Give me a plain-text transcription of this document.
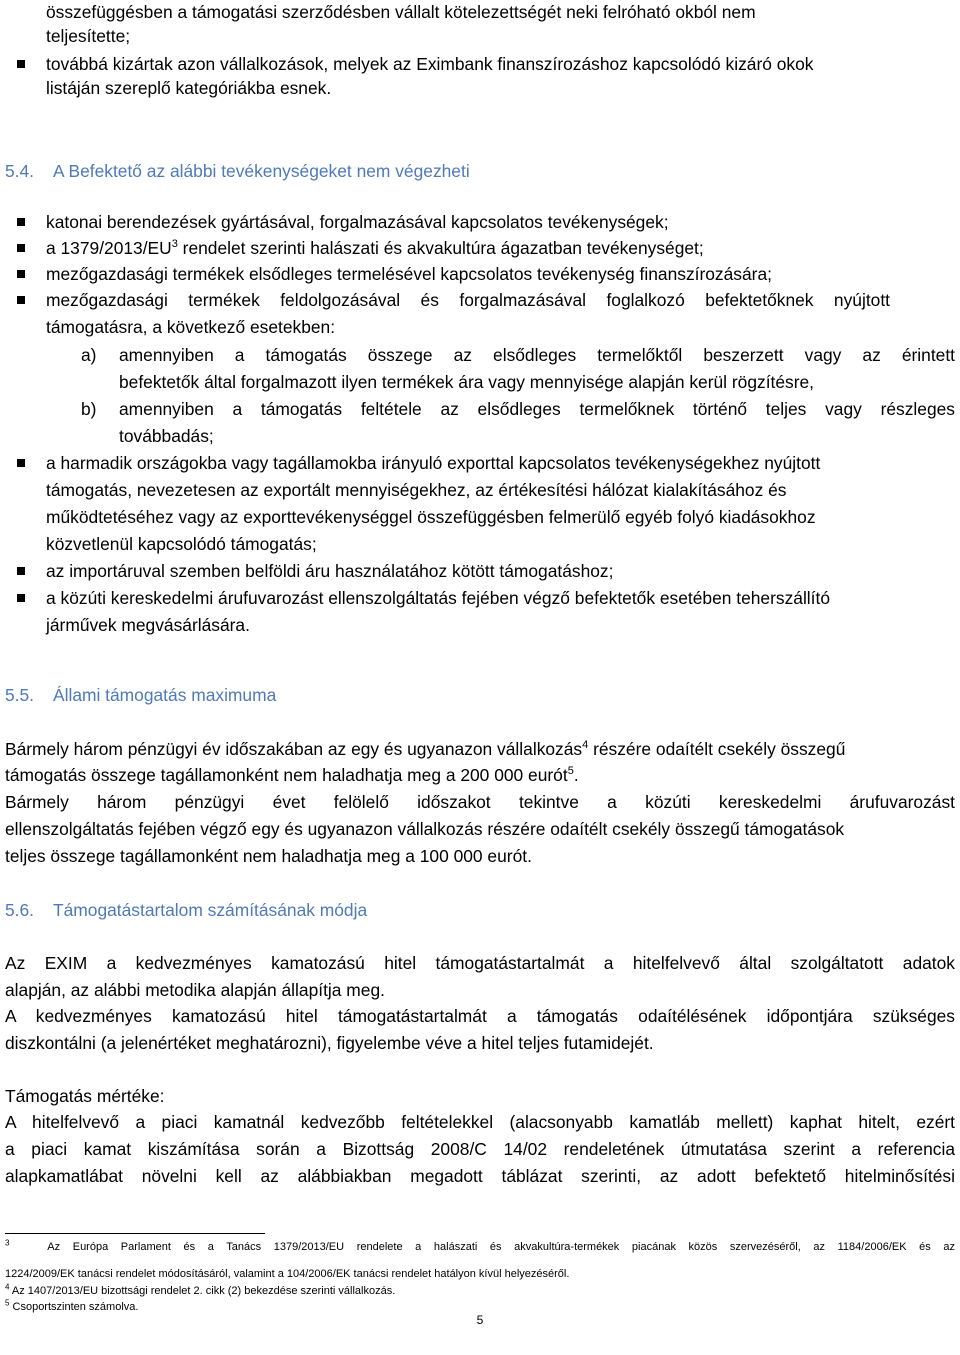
összefüggésben a támogatási szerződésben vállalt kötelezettségét neki felróható okból nem
teljesítette;
továbbá kizártak azon vállalkozások, melyek az Eximbank finanszírozáshoz kapcsolódó kizáró okok
listáján szereplő kategóriákba esnek.
5.4. A Befektető az alábbi tevékenységeket nem végezheti
katonai berendezések gyártásával, forgalmazásával kapcsolatos tevékenységek;
a $1379/2013/EU^3$ rendelet szerinti halászati és akvakultúra ágazatban tevékenységet;
mezőgazdasági termékek elsődleges termelésével kapcsolatos tevékenység finanszírozására;
mezőgazdasági termékek feldolgozásával és forgalmazásával foglalkozó befektetőknek nyújtott
támogatásra, a következő esetekben:
a) amennyiben a támogatás összege az elsődleges termelőktől beszerzett vagy az érintett
befektetők által forgalmazott ilyen termékek ára vagy mennyisége alapján kerül rögzítésre,
b) amennyiben a támogatás feltétele az elsődleges termelőknek történő teljes vagy részleges
továbbadás;
a harmadik országokba vagy tagállamokba irányuló exporttal kapcsolatos tevékenységekhez nyújtott
támogatás, nevezetesen az exportált mennyiségekhez, az értékesítési hálózat kialakításához és
működtetéséhez vagy az exporttevékenységgel összefüggésben felmerülő egyéb folyó kiadásokhoz
közvetlenül kapcsolódó támogatás;
az importáruval szemben belföldi áru használatához kötött támogatáshoz;
a közúti kereskedelmi árufuvarozást ellenszolgáltatás fejében végző befektetők esetében teherszállító
járművek megvásárlására.
5.5. Állami támogatás maximuma
Bármely három pénzügyi év időszakában az egy és ugyanazon vállalkozás$^4$ részére odaítélt csekély összegű
támogatás összege tagállamonként nem haladhatja meg a 200 000 eurót$^5$.
Bármely három pénzügyi évet felölelő időszakot tekintve a közúti kereskedelmi árufuvarozást
ellenszolgáltatás fejében végző egy és ugyanazon vállalkozás részére odaítélt csekély összegű támogatások
teljes összege tagállamonként nem haladhatja meg a 100 000 eurót.
5.6. Támogatástartalom számításának módja
Az EXIM a kedvezményes kamatozású hitel támogatástartalmát a hitelfelvevő által szolgáltatott adatok
alapján, az alábbi metodika alapján állapítja meg.
A kedvezményes kamatozású hitel támogatástartalmát a támogatás odaítélésének időpontjára szükséges
diszkontálni (a jelenértéket meghatározni), figyelembe véve a hitel teljes futamidejét.
Támogatás mértéke:
A hitelfelvevő a piaci kamatnál kedvezőbb feltételekkel (alacsonyabb kamatláb mellett) kaphat hitelt, ezért
a piaci kamat kiszámítása során a Bizottság 2008/C 14/02 rendeletének útmutatása szerint a referencia
alapkamatlábat növelni kell az alábbiakban megadott táblázat szerinti, az adott befektető hitelminősítési
$^3$	Az Európa Parlament és a Tanács 1379/2013/EU rendelete a halászati és akvakultúra-termékek piacának közös szervezéséről, az 1184/2006/EK és az
1224/2009/EK tanácsi rendelet módosításáról, valamint a 104/2006/EK tanácsi rendelet hatályon kívül helyezéséről.
$^4$ Az 1407/2013/EU bizottsági rendelet 2. cikk (2) bekezdése szerinti vállalkozás.
$^5$ Csoportszinten számolva.
5
